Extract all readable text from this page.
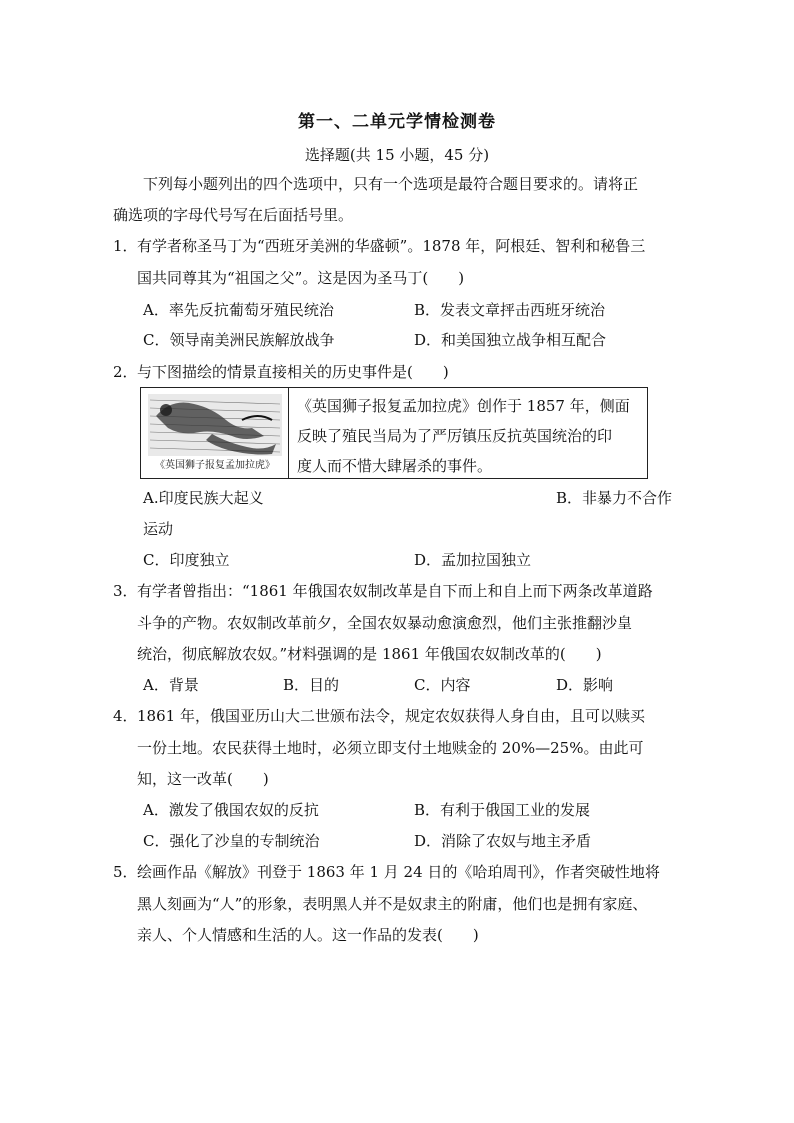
第一、二单元学情检测卷
选择题(共 15 小题，45 分)
下列每小题列出的四个选项中，只有一个选项是最符合题目要求的。请将正
确选项的字母代号写在后面括号里。
1． 有学者称圣马丁为“西班牙美洲的华盛顿”。1878 年，阿根廷、智利和秘鲁三
国共同尊其为“祖国之父”。这是因为圣马丁(　　)
A．率先反抗葡萄牙殖民统治	B．发表文章抨击西班牙统治
C．领导南美洲民族解放战争	D．和美国独立战争相互配合
2． 与下图描绘的情景直接相关的历史事件是(　　)
《英国狮子报复孟加拉虎》
《英国狮子报复孟加拉虎》创作于 1857 年，侧面
反映了殖民当局为了严厉镇压反抗英国统治的印
度人而不惜大肆屠杀的事件。
A.印度民族大起义	B．非暴力不合作
运动
C．印度独立	D．孟加拉国独立
3． 有学者曾指出：“1861 年俄国农奴制改革是自下而上和自上而下两条改革道路
斗争的产物。农奴制改革前夕，全国农奴暴动愈演愈烈，他们主张推翻沙皇
统治，彻底解放农奴。”材料强调的是 1861 年俄国农奴制改革的(　　)
A．背景	B．目的	C．内容	D．影响
4． 1861 年，俄国亚历山大二世颁布法令，规定农奴获得人身自由，且可以赎买
一份土地。农民获得土地时，必须立即支付土地赎金的 20%—25%。由此可
知，这一改革(　　)
A．激发了俄国农奴的反抗	B．有利于俄国工业的发展
C．强化了沙皇的专制统治	D．消除了农奴与地主矛盾
5． 绘画作品《解放》刊登于 1863 年 1 月 24 日的《哈珀周刊》，作者突破性地将
黑人刻画为“人”的形象，表明黑人并不是奴隶主的附庸，他们也是拥有家庭、
亲人、个人情感和生活的人。这一作品的发表(　　)
